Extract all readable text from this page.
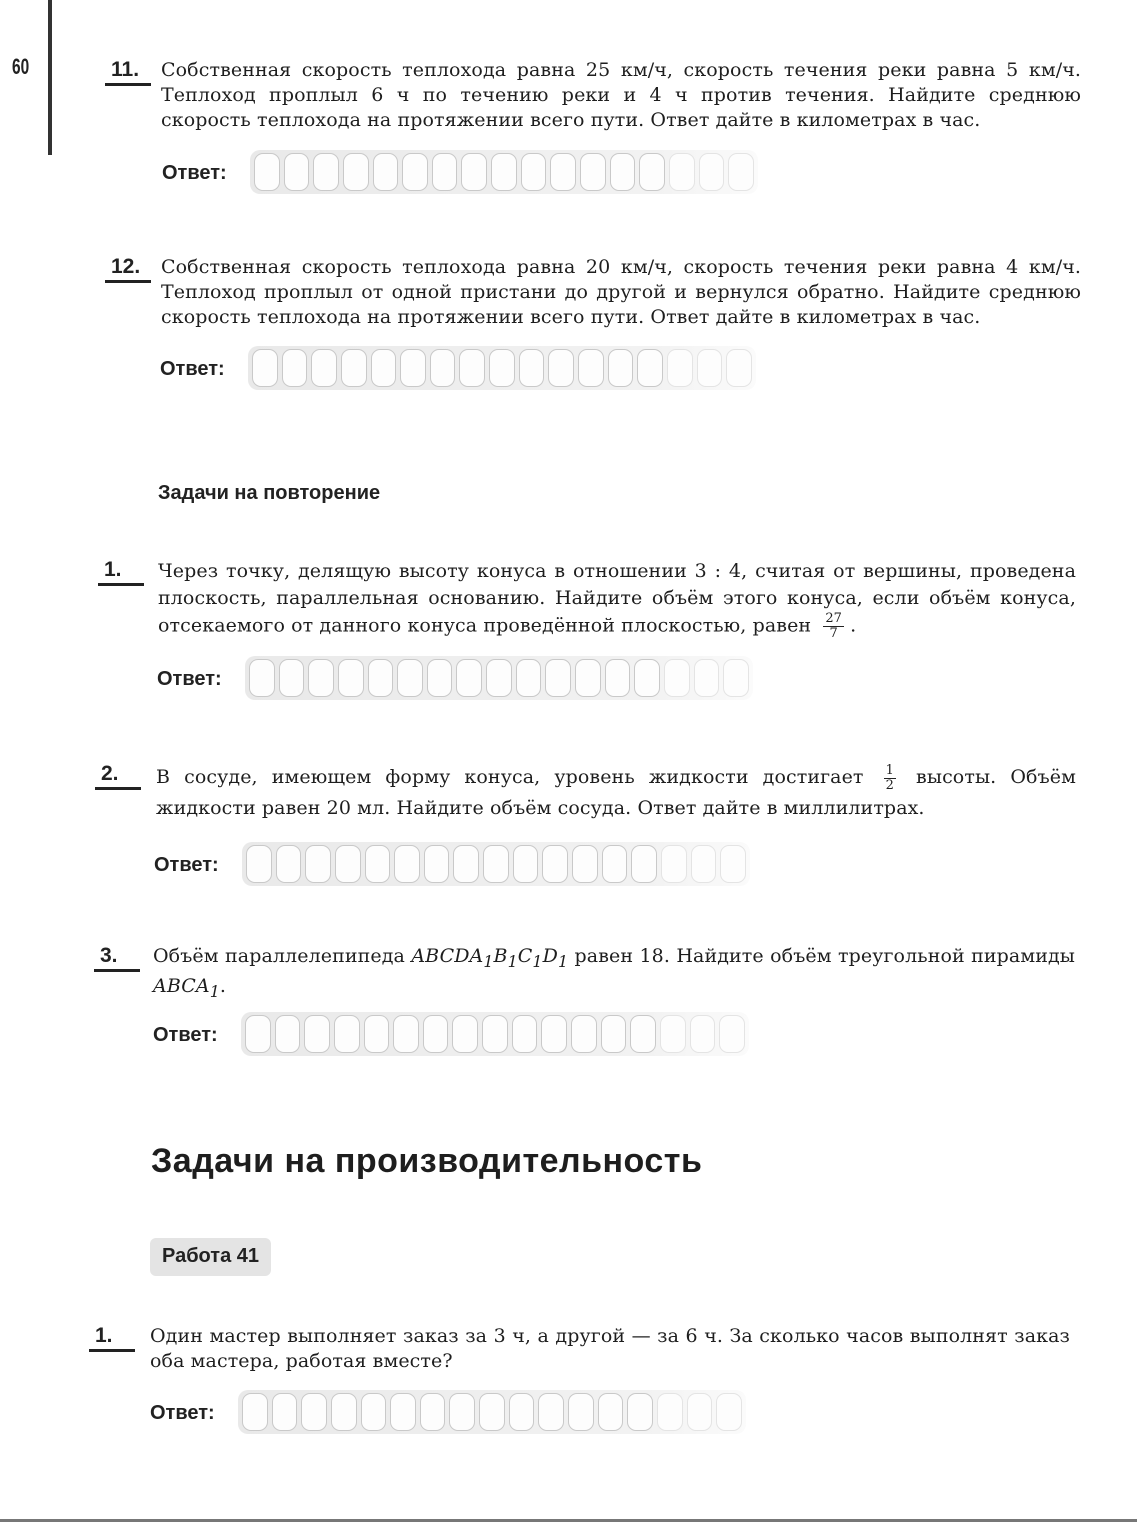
60	11. Собственная скорость теплохода равна 25 км/ч, скорость течения реки равна 5 км/ч. Теплоход проплыл 6 ч по течению реки и 4 ч против течения. Найдите среднюю скорость теплохода на протяжении всего пути. Ответ дайте в километрах в час.
Ответ:
12. Собственная скорость теплохода равна 20 км/ч, скорость течения реки равна 4 км/ч. Теплоход проплыл от одной пристани до другой и вернулся обратно. Найдите среднюю скорость теплохода на протяжении всего пути. Ответ дайте в километрах в час.
Ответ:
Задачи на повторение
1. Через точку, делящую высоту конуса в отношении 3 : 4, считая от вершины, проведена плоскость, параллельная основанию. Найдите объём этого конуса, если объём конуса, отсекаемого от данного конуса проведённой плоскостью, равен $\frac{27}{7}$ .
Ответ:
2. В сосуде, имеющем форму конуса, уровень жидкости достигает $\frac{1}{2}$ высоты. Объём жидкости равен 20 мл. Найдите объём сосуда. Ответ дайте в миллилитрах.
Ответ:
3. Объём параллелепипеда $ABCDA_1B_1C_1D_1$ равен 18. Найдите объём треугольной пирамиды $ABCA_1$.
Ответ:
Задачи на производительность
Работа 41
1. Один мастер выполняет заказ за 3 ч, а другой — за 6 ч. За сколько часов выполнят заказ оба мастера, работая вместе?
Ответ:
